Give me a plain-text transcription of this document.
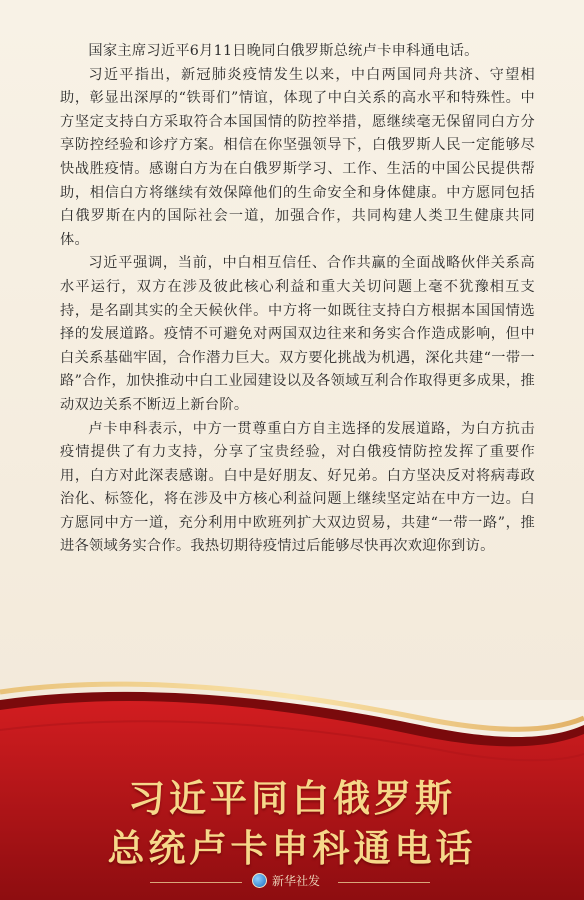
国家主席习近平6月11日晚同白俄罗斯总统卢卡申科通电话。

习近平指出，新冠肺炎疫情发生以来，中白两国同舟共济、守望相助，彰显出深厚的“铁哥们”情谊，体现了中白关系的高水平和特殊性。中方坚定支持白方采取符合本国国情的防控举措，愿继续毫无保留同白方分享防控经验和诊疗方案。相信在你坚强领导下，白俄罗斯人民一定能够尽快战胜疫情。感谢白方为在白俄罗斯学习、工作、生活的中国公民提供帮助，相信白方将继续有效保障他们的生命安全和身体健康。中方愿同包括白俄罗斯在内的国际社会一道，加强合作，共同构建人类卫生健康共同体。

习近平强调，当前，中白相互信任、合作共赢的全面战略伙伴关系高水平运行，双方在涉及彼此核心利益和重大关切问题上毫不犹豫相互支持，是名副其实的全天候伙伴。中方将一如既往支持白方根据本国国情选择的发展道路。疫情不可避免对两国双边往来和务实合作造成影响，但中白关系基础牢固，合作潜力巨大。双方要化挑战为机遇，深化共建“一带一路”合作，加快推动中白工业园建设以及各领域互利合作取得更多成果，推动双边关系不断迈上新台阶。

卢卡申科表示，中方一贯尊重白方自主选择的发展道路，为白方抗击疫情提供了有力支持，分享了宝贵经验，对白俄疫情防控发挥了重要作用，白方对此深表感谢。白中是好朋友、好兄弟。白方坚决反对将病毒政治化、标签化，将在涉及中方核心利益问题上继续坚定站在中方一边。白方愿同中方一道，充分利用中欧班列扩大双边贸易，共建“一带一路”，推进各领域务实合作。我热切期待疫情过后能够尽快再次欢迎你到访。

习近平同白俄罗斯
总统卢卡申科通电话
新华社发
